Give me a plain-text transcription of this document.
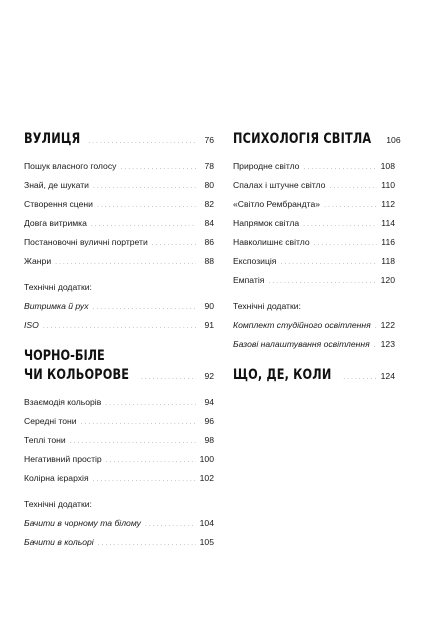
ВУЛИЦЯ . . .	76
Пошук власного голосу . . .	78
Знай, де шукати . . .	80
Створення сцени . . .	82
Довга витримка . . .	84
Постановочні вуличні портрети . . .	86
Жанри . . .	88
Технічні додатки:
Витримка й рух . . .	90
ISO . . .	91
ЧОРНО-БІЛЕ
ЧИ КОЛЬОРОВЕ . . .	92
Взаємодія кольорів . . .	94
Середні тони . . .	96
Теплі тони . . .	98
Негативний простір . . .	100
Колірна ієрархія . . .	102
Технічні додатки:
Бачити в чорному та білому . . .	104
Бачити в кольорі . . .	105
ПСИХОЛОГІЯ СВІТЛА 106
Природне світло . . .	108
Спалах і штучне світло . . .	110
«Світло Рембрандта» . . .	112
Напрямок світла . . .	114
Навколишнє світло . . .	116
Експозиція . . .	118
Емпатія . . .	120
Технічні додатки:
Комплект студійного освітлення . . . 122
Базові налаштування освітлення . . . 123
ЩО, ДЕ, КОЛИ . . .	124
